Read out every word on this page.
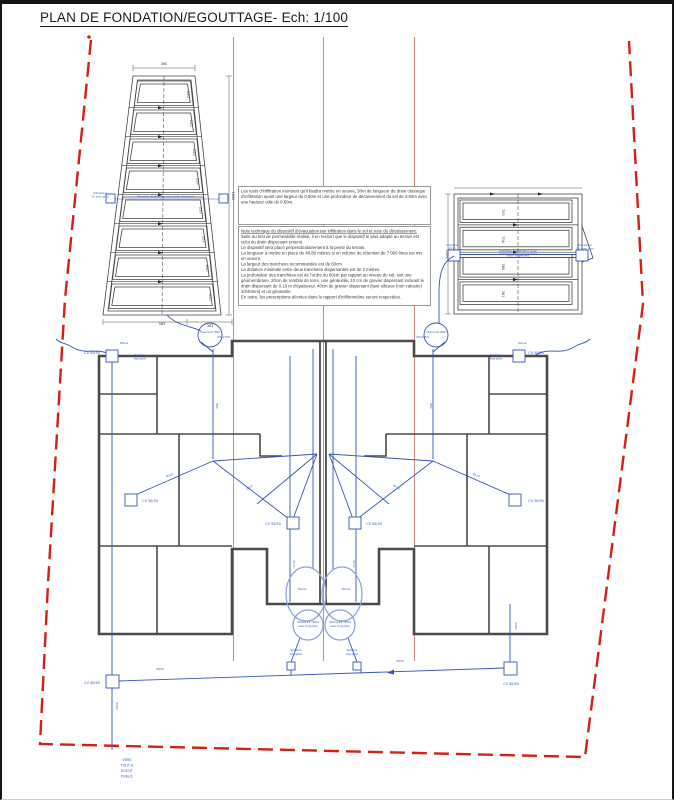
PLAN DE FONDATION/EGOUTTAGE- Ech: 1/100
365
585	363
2430
1200
CV 50/50	CV 50/50
CV 50/50	CV 50/50
CV 50/50	CV 50/50
CV 40/40	CV 40/40
Citerne Ø 1500	Citerne Ø 1500
Toiture	Toiture
Toiture	Toiture
Citerne EP 7500L
avec trop-plein
Citerne EP 7500L
avec trop-plein
Système
trop-plein
Système
trop-plein
Système
trop-plein
Système
trop-plein
VERS
TOUT A
EGOUT
PUBLIC
Ø160
Ø160
Ø160
Ø160
Ø110	Ø110
Ø110	Ø110
Ø90	Ø90
Ø110	Ø110
Ø110 PVC	Ø110 PVC
Tranchée d'infiltration avec
drain dispersant
Tranchée d'infiltration avec drain dispersant
Chambre
Ø315
Extracteur
CV avec pied
Extracteur
CV avec pied
250
250
250
250
250
250
250
250
700
704
285
281

Les tests d'infiltration montrent qu'il faudra mettre en oeuvre, 50m de longueur de drain classique d'infiltration ayant une largeur de 0.60m et une profondeur de décaissement du sol de 0.80m avec une hauteur utile de 0.50m.

Note technique du dispositif d'évacuation par infiltration dans le sol et note de décaissement:

Suite au test de perméabilité réalisé, il en ressort que le dispositif le plus adapté au terrain est celui du drain dispersant enterré.
Le dispositif sera placé perpendiculairement à la pente du terrain.
La longueur à mettre en place de 48.88 mètres si un volume de rétention de 7 000 litres est mis en oeuvre.
La largeur des tranchées recommandée est de 60cm.
La distance minimale entre deux tranchées dispersantes est de 2 mètres.
La profondeur des tranchées est de l'ordre du 80cm par rapport au niveau du sol, soit une géomembrane, 20cm de remblai de terre, une géotextile, 10 cm de gravier dispersant incluant le drain dispersant de 0.10 m d'épaisseur, 40cm de gravier dispersant (lavé siliceux (non calcaire) 10/40mm) et un géotextile.
En outre, les prescriptions décrites dans le rapport d'infiltrométrie seront respectées.
